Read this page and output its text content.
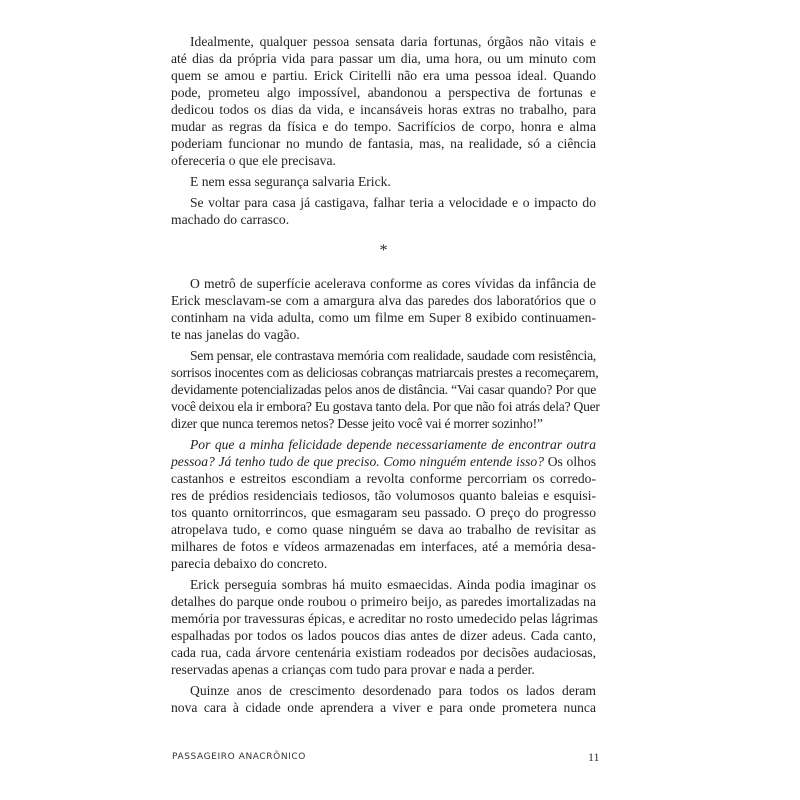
Idealmente, qualquer pessoa sensata daria fortunas, órgãos não vitais e
até dias da própria vida para passar um dia, uma hora, ou um minuto com
quem se amou e partiu. Erick Ciritelli não era uma pessoa ideal. Quando
pode, prometeu algo impossível, abandonou a perspectiva de fortunas e
dedicou todos os dias da vida, e incansáveis horas extras no trabalho, para
mudar as regras da física e do tempo. Sacrifícios de corpo, honra e alma
poderiam funcionar no mundo de fantasia, mas, na realidade, só a ciência
ofereceria o que ele precisava.
E nem essa segurança salvaria Erick.
Se voltar para casa já castigava, falhar teria a velocidade e o impacto do
machado do carrasco.
*
O metrô de superfície acelerava conforme as cores vívidas da infância de
Erick mesclavam-se com a amargura alva das paredes dos laboratórios que o
continham na vida adulta, como um filme em Super 8 exibido continuamen-
te nas janelas do vagão.
Sem pensar, ele contrastava memória com realidade, saudade com resistência,
sorrisos inocentes com as deliciosas cobranças matriarcais prestes a recomeçarem,
devidamente potencializadas pelos anos de distância. “Vai casar quando? Por que
você deixou ela ir embora? Eu gostava tanto dela. Por que não foi atrás dela? Quer
dizer que nunca teremos netos? Desse jeito você vai é morrer sozinho!”
Por que a minha felicidade depende necessariamente de encontrar outra
pessoa? Já tenho tudo de que preciso. Como ninguém entende isso? Os olhos
castanhos e estreitos escondiam a revolta conforme percorriam os corredo-
res de prédios residenciais tediosos, tão volumosos quanto baleias e esquisi-
tos quanto ornitorrincos, que esmagaram seu passado. O preço do progresso
atropelava tudo, e como quase ninguém se dava ao trabalho de revisitar as
milhares de fotos e vídeos armazenadas em interfaces, até a memória desa-
parecia debaixo do concreto.
Erick perseguia sombras há muito esmaecidas. Ainda podia imaginar os
detalhes do parque onde roubou o primeiro beijo, as paredes imortalizadas na
memória por travessuras épicas, e acreditar no rosto umedecido pelas lágrimas
espalhadas por todos os lados poucos dias antes de dizer adeus. Cada canto,
cada rua, cada árvore centenária existiam rodeados por decisões audaciosas,
reservadas apenas a crianças com tudo para provar e nada a perder.
Quinze anos de crescimento desordenado para todos os lados deram
nova cara à cidade onde aprendera a viver e para onde prometera nunca
PASSAGEIRO ANACRÔNICO	11
